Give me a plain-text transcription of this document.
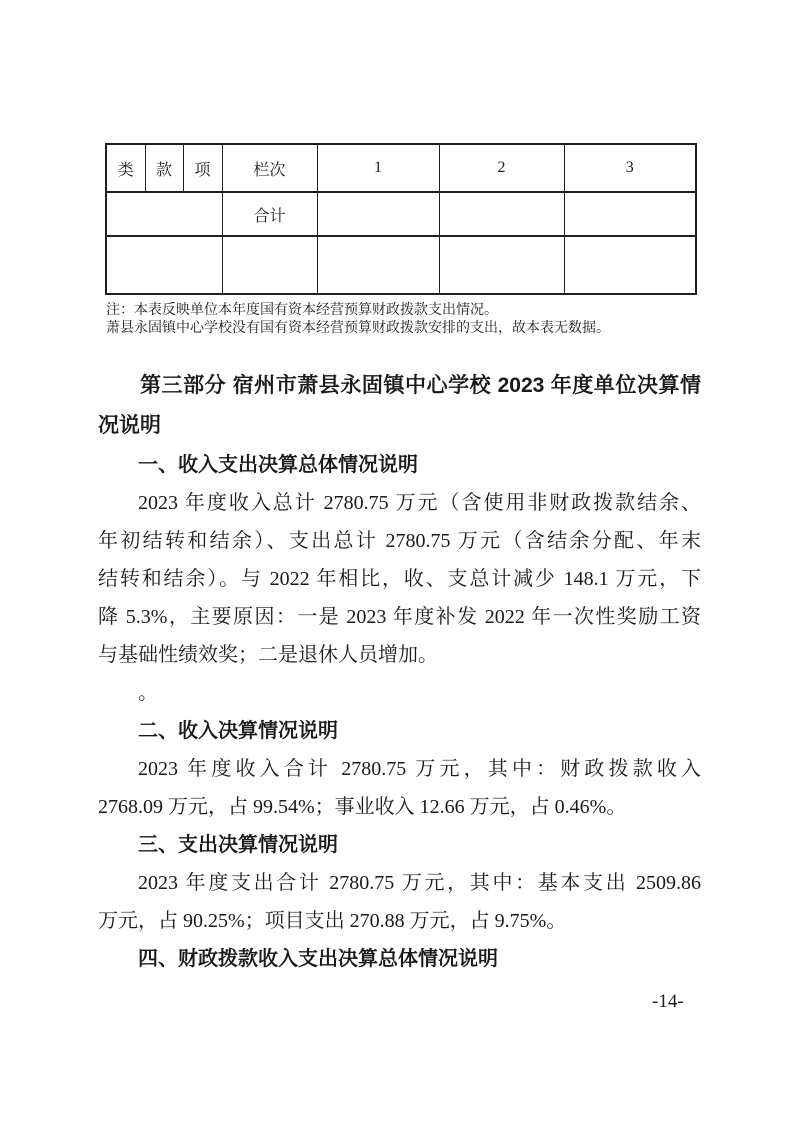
类	款	项	栏次	1	2	3
			合计			

注：本表反映单位本年度国有资本经营预算财政拨款支出情况。
萧县永固镇中心学校没有国有资本经营预算财政拨款安排的支出，故本表无数据。
第三部分 宿州市萧县永固镇中心学校 2023 年度单位决算情
况说明
一、收入支出决算总体情况说明
2023 年度收入总计 2780.75 万元（含使用非财政拨款结余、
年初结转和结余）、支出总计 2780.75 万元（含结余分配、年末
结转和结余）。与 2022 年相比，收、支总计减少 148.1 万元，下
降 5.3%，主要原因：一是 2023 年度补发 2022 年一次性奖励工资
与基础性绩效奖；二是退休人员增加。
。
二、收入决算情况说明
2023 年度收入合计 2780.75 万元，其中：财政拨款收入
2768.09 万元，占 99.54%；事业收入 12.66 万元，占 0.46%。
三、支出决算情况说明
2023 年度支出合计 2780.75 万元，其中：基本支出 2509.86
万元，占 90.25%；项目支出 270.88 万元，占 9.75%。
四、财政拨款收入支出决算总体情况说明
-14-
